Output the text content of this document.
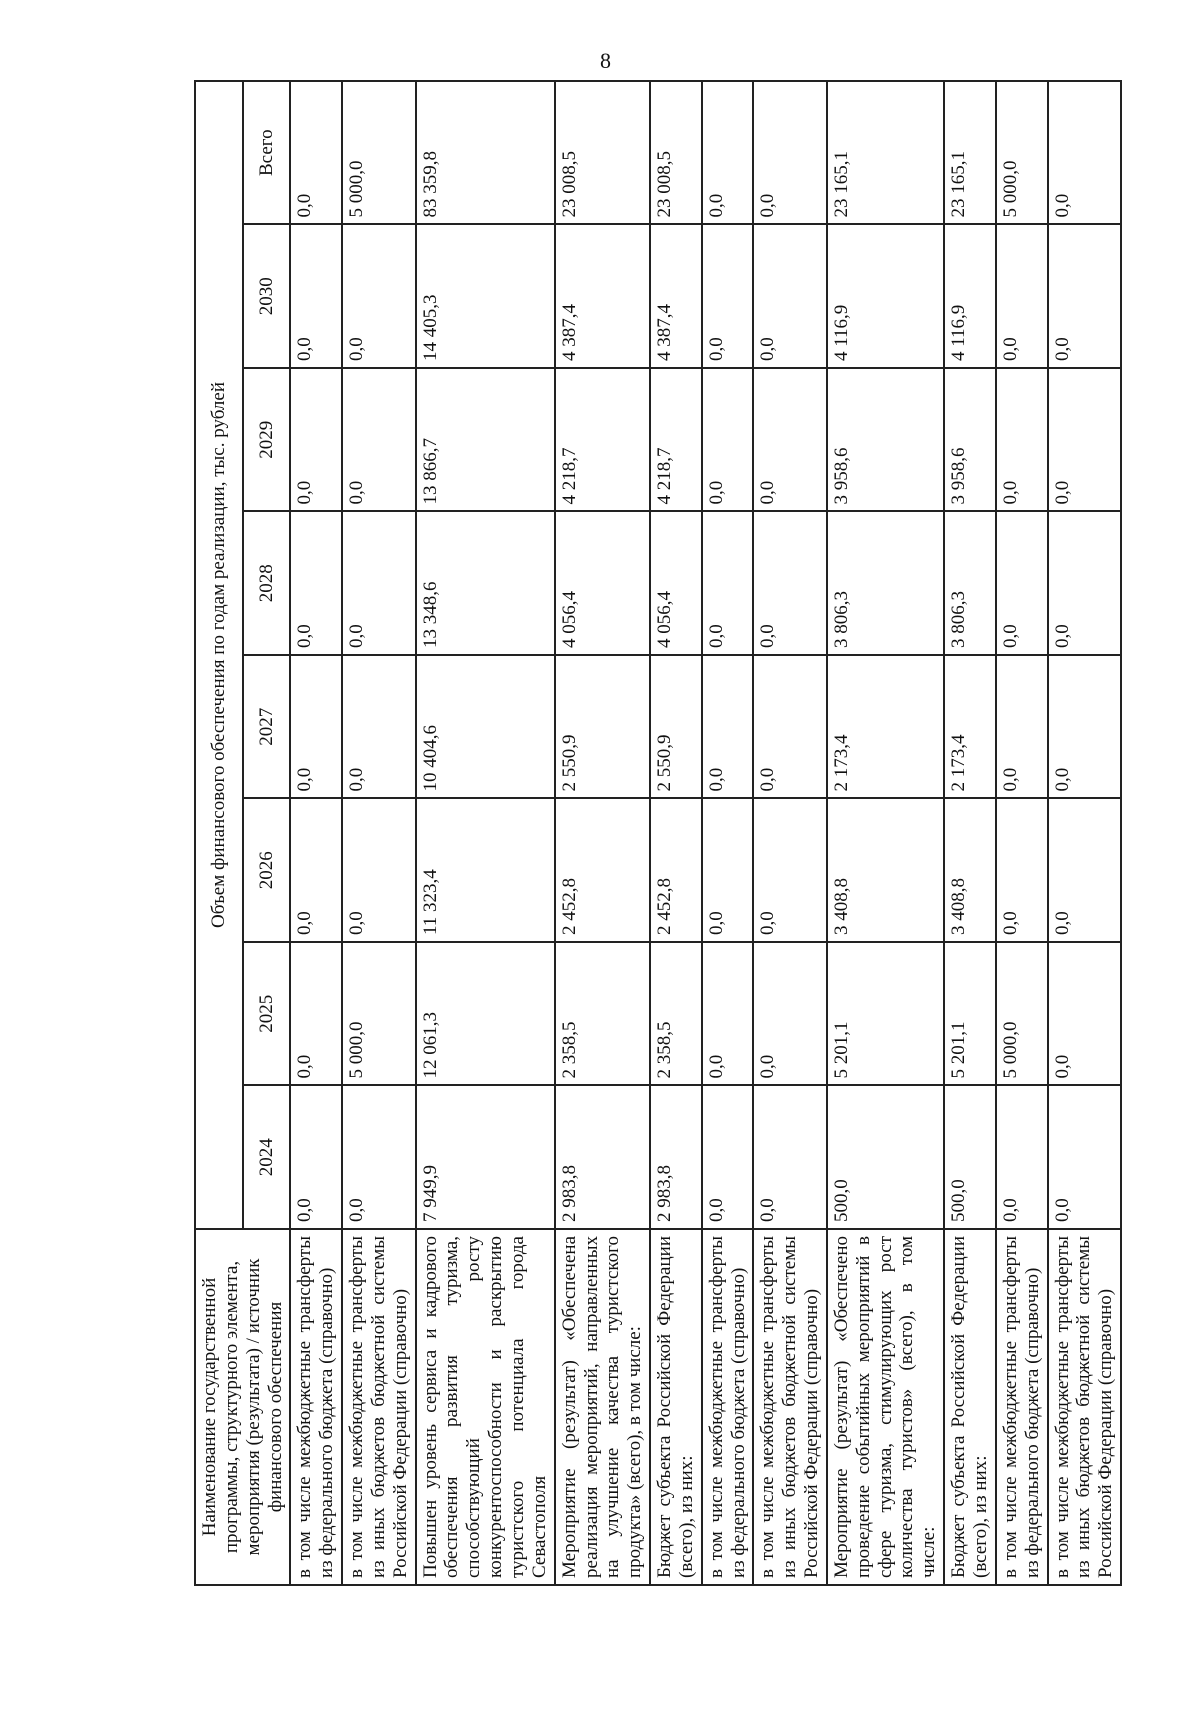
8
Наименование государственной программы, структурного элемента, мероприятия (результата) / источник финансового обеспечения	Объем финансового обеспечения по годам реализации, тыс. рублей							
	2024	2025	2026	2027	2028	2029	2030	Всего
в том числе межбюджетные трансферты из федерального бюджета (справочно)	0,0	0,0	0,0	0,0	0,0	0,0	0,0	0,0
в том числе межбюджетные трансферты из иных бюджетов бюджетной системы Российской Федерации (справочно)	0,0	5 000,0	0,0	0,0	0,0	0,0	0,0	5 000,0
Повышен уровень сервиса и кадрового обеспечения развития туризма, способствующий росту конкурентоспособности и раскрытию туристского потенциала города Севастополя	7 949,9	12 061,3	11 323,4	10 404,6	13 348,6	13 866,7	14 405,3	83 359,8
Мероприятие (результат) «Обеспечена реализация мероприятий, направленных на улучшение качества туристского продукта» (всего), в том числе:	2 983,8	2 358,5	2 452,8	2 550,9	4 056,4	4 218,7	4 387,4	23 008,5
Бюджет субъекта Российской Федерации (всего), из них:	2 983,8	2 358,5	2 452,8	2 550,9	4 056,4	4 218,7	4 387,4	23 008,5
в том числе межбюджетные трансферты из федерального бюджета (справочно)	0,0	0,0	0,0	0,0	0,0	0,0	0,0	0,0
в том числе межбюджетные трансферты из иных бюджетов бюджетной системы Российской Федерации (справочно)	0,0	0,0	0,0	0,0	0,0	0,0	0,0	0,0
Мероприятие (результат) «Обеспечено проведение событийных мероприятий в сфере туризма, стимулирующих рост количества туристов» (всего), в том числе:	500,0	5 201,1	3 408,8	2 173,4	3 806,3	3 958,6	4 116,9	23 165,1
Бюджет субъекта Российской Федерации (всего), из них:	500,0	5 201,1	3 408,8	2 173,4	3 806,3	3 958,6	4 116,9	23 165,1
в том числе межбюджетные трансферты из федерального бюджета (справочно)	0,0	5 000,0	0,0	0,0	0,0	0,0	0,0	5 000,0
в том числе межбюджетные трансферты из иных бюджетов бюджетной системы Российской Федерации (справочно)	0,0	0,0	0,0	0,0	0,0	0,0	0,0	0,0
